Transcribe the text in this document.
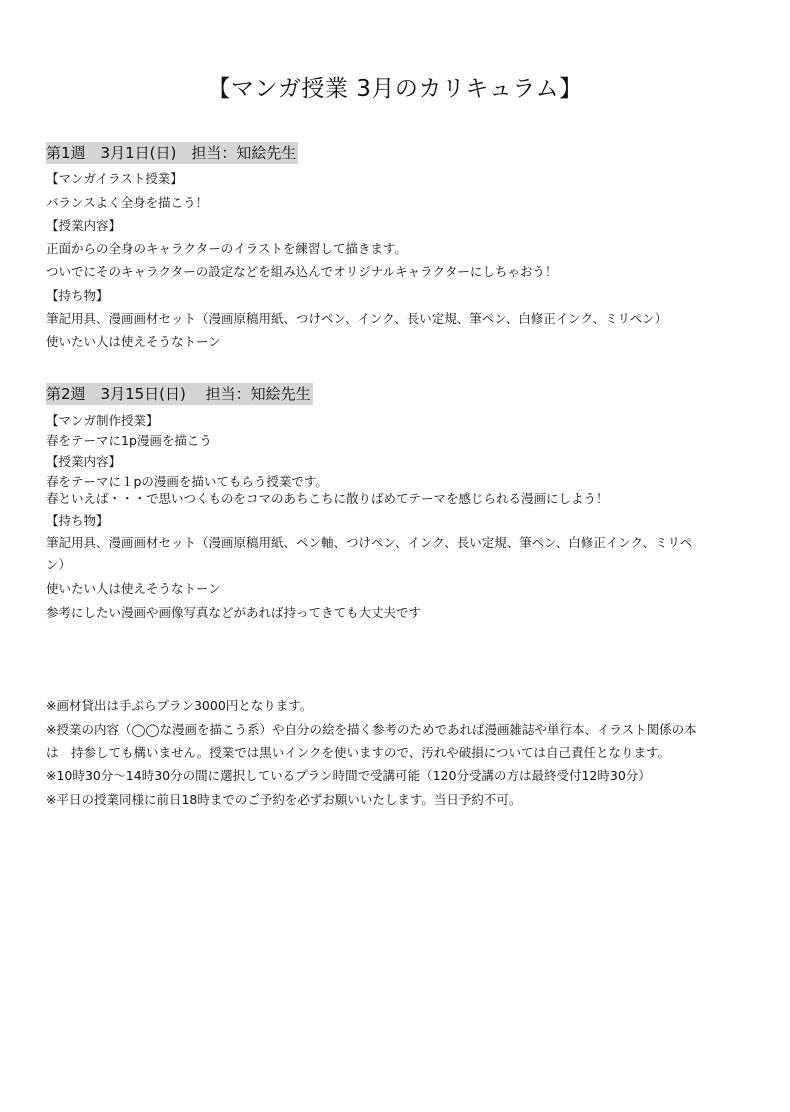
【マンガ授業 3月のカリキュラム】
第1週　3月1日(日)　担当：知絵先生
【マンガイラスト授業】
バランスよく全身を描こう！
【授業内容】
正面からの全身のキャラクターのイラストを練習して描きます。
ついでにそのキャラクターの設定などを組み込んでオリジナルキャラクターにしちゃおう！
【持ち物】
筆記用具、漫画画材セット（漫画原稿用紙、つけペン、インク、長い定規、筆ペン、白修正インク、ミリペン）
使いたい人は使えそうなトーン
第2週　3月15日(日)　 担当：知絵先生
【マンガ制作授業】
春をテーマに1p漫画を描こう
【授業内容】
春をテーマに１pの漫画を描いてもらう授業です。
春といえば・・・で思いつくものをコマのあちこちに散りばめてテーマを感じられる漫画にしよう！
【持ち物】
筆記用具、漫画画材セット（漫画原稿用紙、ペン軸、つけペン、インク、長い定規、筆ペン、白修正インク、ミリペ
ン）
使いたい人は使えそうなトーン
参考にしたい漫画や画像写真などがあれば持ってきても大丈夫です
※画材貸出は手ぶらプラン3000円となります。
※授業の内容（◯◯な漫画を描こう系）や自分の絵を描く参考のためであれば漫画雑誌や単行本、イラスト関係の本
は　持参しても構いません。授業では黒いインクを使いますので、汚れや破損については自己責任となります。
※10時30分〜14時30分の間に選択しているプラン時間で受講可能（120分受講の方は最終受付12時30分）
※平日の授業同様に前日18時までのご予約を必ずお願いいたします。当日予約不可。
